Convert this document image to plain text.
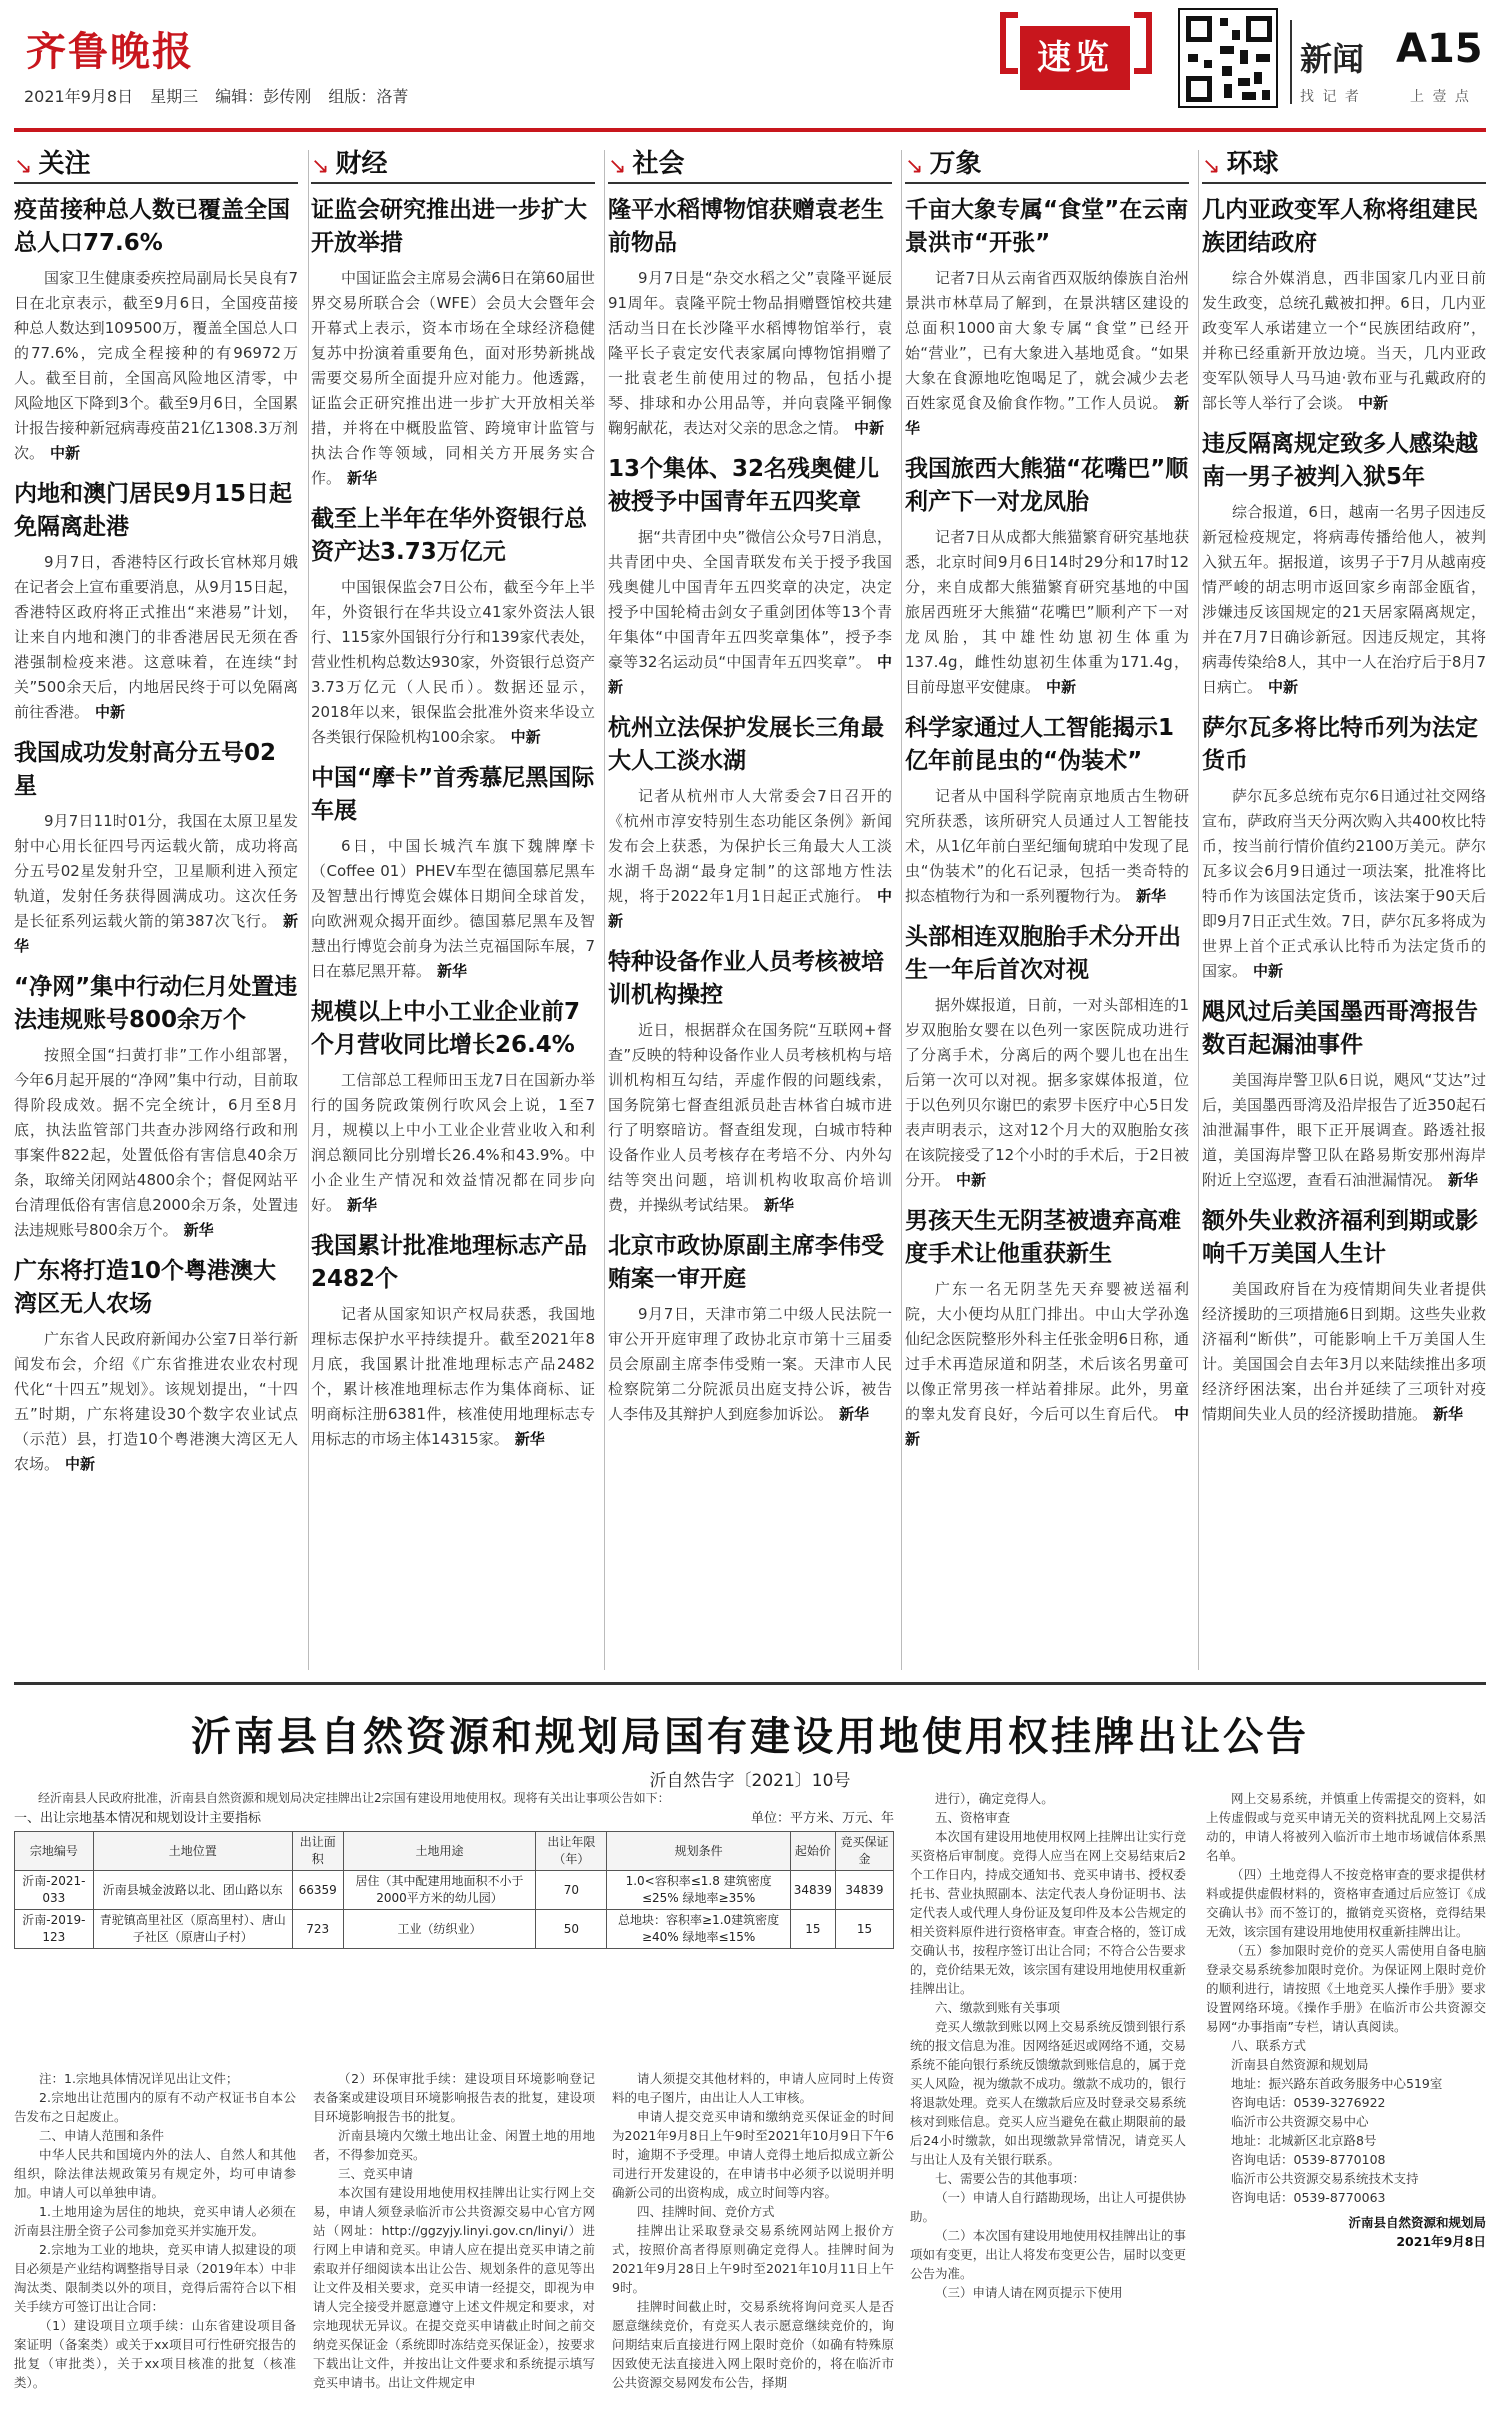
齐鲁晚报
2021年9月8日 星期三 编辑：彭传刚 组版：洛菁
速览	新闻 A15
找 记 者	上 壹 点
↘ 关注
疫苗接种总人数已覆盖全国总人口77.6%

国家卫生健康委疾控局副局长吴良有7日在北京表示，截至9月6日，全国疫苗接种总人数达到109500万，覆盖全国总人口的77.6%，完成全程接种的有96972万人。截至目前，全国高风险地区清零，中风险地区下降到3个。截至9月6日，全国累计报告接种新冠病毒疫苗21亿1308.3万剂次。 中新

内地和澳门居民9月15日起免隔离赴港

9月7日，香港特区行政长官林郑月娥在记者会上宣布重要消息，从9月15日起，香港特区政府将正式推出“来港易”计划，让来自内地和澳门的非香港居民无须在香港强制检疫来港。这意味着，在连续“封关”500余天后，内地居民终于可以免隔离前往香港。 中新

我国成功发射高分五号02星

9月7日11时01分，我国在太原卫星发射中心用长征四号丙运载火箭，成功将高分五号02星发射升空，卫星顺利进入预定轨道，发射任务获得圆满成功。这次任务是长征系列运载火箭的第387次飞行。 新华

“净网”集中行动仨月处置违法违规账号800余万个

按照全国“扫黄打非”工作小组部署，今年6月起开展的“净网”集中行动，目前取得阶段成效。据不完全统计，6月至8月底，执法监管部门共查办涉网络行政和刑事案件822起，处置低俗有害信息40余万条，取缔关闭网站4800余个；督促网站平台清理低俗有害信息2000余万条，处置违法违规账号800余万个。 新华

广东将打造10个粤港澳大湾区无人农场

广东省人民政府新闻办公室7日举行新闻发布会，介绍《广东省推进农业农村现代化“十四五”规划》。该规划提出，“十四五”时期，广东将建设30个数字农业试点（示范）县，打造10个粤港澳大湾区无人农场。 中新

↘ 财经
证监会研究推出进一步扩大开放举措

中国证监会主席易会满6日在第60届世界交易所联合会（WFE）会员大会暨年会开幕式上表示，资本市场在全球经济稳健复苏中扮演着重要角色，面对形势新挑战需要交易所全面提升应对能力。他透露，证监会正研究推出进一步扩大开放相关举措，并将在中概股监管、跨境审计监管与执法合作等领域，同相关方开展务实合作。 新华

截至上半年在华外资银行总资产达3.73万亿元

中国银保监会7日公布，截至今年上半年，外资银行在华共设立41家外资法人银行、115家外国银行分行和139家代表处，营业性机构总数达930家，外资银行总资产3.73万亿元（人民币）。数据还显示，2018年以来，银保监会批准外资来华设立各类银行保险机构100余家。 中新

中国“摩卡”首秀慕尼黑国际车展

6日，中国长城汽车旗下魏牌摩卡（Coffee 01）PHEV车型在德国慕尼黑车及智慧出行博览会媒体日期间全球首发，向欧洲观众揭开面纱。德国慕尼黑车及智慧出行博览会前身为法兰克福国际车展，7日在慕尼黑开幕。 新华

规模以上中小工业企业前7个月营收同比增长26.4%

工信部总工程师田玉龙7日在国新办举行的国务院政策例行吹风会上说，1至7月，规模以上中小工业企业营业收入和利润总额同比分别增长26.4%和43.9%。中小企业生产情况和效益情况都在同步向好。 新华

我国累计批准地理标志产品2482个

记者从国家知识产权局获悉，我国地理标志保护水平持续提升。截至2021年8月底，我国累计批准地理标志产品2482个，累计核准地理标志作为集体商标、证明商标注册6381件，核准使用地理标志专用标志的市场主体14315家。 新华

↘ 社会
隆平水稻博物馆获赠袁老生前物品

9月7日是“杂交水稻之父”袁隆平诞辰91周年。袁隆平院士物品捐赠暨馆校共建活动当日在长沙隆平水稻博物馆举行，袁隆平长子袁定安代表家属向博物馆捐赠了一批袁老生前使用过的物品，包括小提琴、排球和办公用品等，并向袁隆平铜像鞠躬献花，表达对父亲的思念之情。 中新

13个集体、32名残奥健儿被授予中国青年五四奖章

据“共青团中央”微信公众号7日消息，共青团中央、全国青联发布关于授予我国残奥健儿中国青年五四奖章的决定，决定授予中国轮椅击剑女子重剑团体等13个青年集体“中国青年五四奖章集体”，授予李豪等32名运动员“中国青年五四奖章”。 中新

杭州立法保护发展长三角最大人工淡水湖

记者从杭州市人大常委会7日召开的《杭州市淳安特别生态功能区条例》新闻发布会上获悉，为保护长三角最大人工淡水湖千岛湖“最身定制”的这部地方性法规，将于2022年1月1日起正式施行。 中新

特种设备作业人员考核被培训机构操控

近日，根据群众在国务院“互联网+督查”反映的特种设备作业人员考核机构与培训机构相互勾结，弄虚作假的问题线索，国务院第七督查组派员赴吉林省白城市进行了明察暗访。督查组发现，白城市特种设备作业人员考核存在考培不分、内外勾结等突出问题，培训机构收取高价培训费，并操纵考试结果。 新华

北京市政协原副主席李伟受贿案一审开庭

9月7日，天津市第二中级人民法院一审公开开庭审理了政协北京市第十三届委员会原副主席李伟受贿一案。天津市人民检察院第二分院派员出庭支持公诉，被告人李伟及其辩护人到庭参加诉讼。 新华

↘ 万象
千亩大象专属“食堂”在云南景洪市“开张”

记者7日从云南省西双版纳傣族自治州景洪市林草局了解到，在景洪辖区建设的总面积1000亩大象专属“食堂”已经开始“营业”，已有大象进入基地觅食。“如果大象在食源地吃饱喝足了，就会减少去老百姓家觅食及偷食作物。”工作人员说。 新华

我国旅西大熊猫“花嘴巴”顺利产下一对龙凤胎

记者7日从成都大熊猫繁育研究基地获悉，北京时间9月6日14时29分和17时12分，来自成都大熊猫繁育研究基地的中国旅居西班牙大熊猫“花嘴巴”顺利产下一对龙凤胎，其中雄性幼崽初生体重为137.4g，雌性幼崽初生体重为171.4g，目前母崽平安健康。 中新

科学家通过人工智能揭示1亿年前昆虫的“伪装术”

记者从中国科学院南京地质古生物研究所获悉，该所研究人员通过人工智能技术，从1亿年前白垩纪缅甸琥珀中发现了昆虫“伪装术”的化石记录，包括一类奇特的拟态植物行为和一系列覆物行为。 新华

头部相连双胞胎手术分开出生一年后首次对视

据外媒报道，日前，一对头部相连的1岁双胞胎女婴在以色列一家医院成功进行了分离手术，分离后的两个婴儿也在出生后第一次可以对视。据多家媒体报道，位于以色列贝尔谢巴的索罗卡医疗中心5日发表声明表示，这对12个月大的双胞胎女孩在该院接受了12个小时的手术后，于2日被分开。 中新

男孩天生无阴茎被遗弃高难度手术让他重获新生

广东一名无阴茎先天弃婴被送福利院，大小便均从肛门排出。中山大学孙逸仙纪念医院整形外科主任张金明6日称，通过手术再造尿道和阴茎，术后该名男童可以像正常男孩一样站着排尿。此外，男童的睾丸发育良好，今后可以生育后代。 中新

↘ 环球
几内亚政变军人称将组建民族团结政府

综合外媒消息，西非国家几内亚日前发生政变，总统孔戴被扣押。6日，几内亚政变军人承诺建立一个“民族团结政府”，并称已经重新开放边境。当天，几内亚政变军队领导人马马迪·敦布亚与孔戴政府的部长等人举行了会谈。 中新

违反隔离规定致多人感染越南一男子被判入狱5年

综合报道，6日，越南一名男子因违反新冠检疫规定，将病毒传播给他人，被判入狱五年。据报道，该男子于7月从越南疫情严峻的胡志明市返回家乡南部金瓯省，涉嫌违反该国规定的21天居家隔离规定，并在7月7日确诊新冠。因违反规定，其将病毒传染给8人，其中一人在治疗后于8月7日病亡。 中新

萨尔瓦多将比特币列为法定货币

萨尔瓦多总统布克尔6日通过社交网络宣布，萨政府当天分两次购入共400枚比特币，按当前行情价值约2100万美元。萨尔瓦多议会6月9日通过一项法案，批准将比特币作为该国法定货币，该法案于90天后即9月7日正式生效。7日，萨尔瓦多将成为世界上首个正式承认比特币为法定货币的国家。 中新

飓风过后美国墨西哥湾报告数百起漏油事件

美国海岸警卫队6日说，飓风“艾达”过后，美国墨西哥湾及沿岸报告了近350起石油泄漏事件，眼下正开展调查。路透社报道，美国海岸警卫队在路易斯安那州海岸附近上空巡逻，查看石油泄漏情况。 新华

额外失业救济福利到期或影响千万美国人生计

美国政府旨在为疫情期间失业者提供经济援助的三项措施6日到期。这些失业救济福利“断供”，可能影响上千万美国人生计。美国国会自去年3月以来陆续推出多项经济纾困法案，出台并延续了三项针对疫情期间失业人员的经济援助措施。 新华

沂南县自然资源和规划局国有建设用地使用权挂牌出让公告
沂自然告字〔2021〕10号
经沂南县人民政府批准，沂南县自然资源和规划局决定挂牌出让2宗国有建设用地使用权。现将有关出让事项公告如下：
一、出让宗地基本情况和规划设计主要指标	单位：平方米、万元、年
宗地编号	土地位置	出让面积	土地用途	出让年限（年）	规划条件	起始价	竞买保证金
沂南-2021-033	沂南县城金波路以北、团山路以东	66359	居住（其中配建用地面积不小于2000平方米的幼儿园）	70	1.0<容积率≤1.8 建筑密度≤25% 绿地率≥35%	34839	34839
沂南-2019-123	青驼镇高里社区（原高里村）、唐山子社区（原唐山子村）	723	工业（纺织业）	50	总地块：容积率≥1.0建筑密度≥40% 绿地率≤15%	15	15

注：1.宗地具体情况详见出让文件；

2.宗地出让范围内的原有不动产权证书自本公告发布之日起废止。

二、申请人范围和条件

中华人民共和国境内外的法人、自然人和其他组织，除法律法规政策另有规定外，均可申请参加。申请人可以单独申请。

1.土地用途为居住的地块，竞买申请人必须在沂南县注册全资子公司参加竞买并实施开发。

2.宗地为工业的地块，竞买申请人拟建设的项目必须是产业结构调整指导目录（2019年本）中非淘汰类、限制类以外的项目，竞得后需符合以下相关手续方可签订出让合同：

（1）建设项目立项手续：山东省建设项目备案证明（备案类）或关于xx项目可行性研究报告的批复（审批类），关于xx项目核准的批复（核准类）。

（2）环保审批手续：建设项目环境影响登记表备案或建设项目环境影响报告表的批复，建设项目环境影响报告书的批复。

沂南县境内欠缴土地出让金、闲置土地的用地者，不得参加竞买。

三、竞买申请

本次国有建设用地使用权挂牌出让实行网上交易，申请人须登录临沂市公共资源交易中心官方网站（网址：http://ggzyjy.linyi.gov.cn/linyi/）进行网上申请和竞买。申请人应在提出竞买申请之前索取并仔细阅读本出让公告、规划条件的意见等出让文件及相关要求，竞买申请一经提交，即视为申请人完全接受并愿意遵守上述文件规定和要求，对宗地现状无异议。在提交竞买申请截止时间之前交纳竞买保证金（系统即时冻结竞买保证金），按要求下载出让文件，并按出让文件要求和系统提示填写竞买申请书。出让文件规定申

请人须提交其他材料的，申请人应同时上传资料的电子图片，由出让人人工审核。

申请人提交竞买申请和缴纳竞买保证金的时间为2021年9月8日上午9时至2021年10月9日下午6时，逾期不予受理。申请人竞得土地后拟成立新公司进行开发建设的，在申请书中必须予以说明并明确新公司的出资构成，成立时间等内容。

四、挂牌时间、竞价方式

挂牌出让采取登录交易系统网站网上报价方式，按照价高者得原则确定竞得人。挂牌时间为2021年9月28日上午9时至2021年10月11日上午9时。

挂牌时间截止时，交易系统将询问竞买人是否愿意继续竞价，有竞买人表示愿意继续竞价的，询问期结束后直接进行网上限时竞价（如确有特殊原因致使无法直接进入网上限时竞价的，将在临沂市公共资源交易网发布公告，择期

进行），确定竞得人。

五、资格审查

本次国有建设用地使用权网上挂牌出让实行竞买资格后审制度。竞得人应当在网上交易结束后2个工作日内，持成交通知书、竞买申请书、授权委托书、营业执照副本、法定代表人身份证明书、法定代表人或代理人身份证及复印件及本公告规定的相关资料原件进行资格审查。审查合格的，签订成交确认书，按程序签订出让合同；不符合公告要求的，竞价结果无效，该宗国有建设用地使用权重新挂牌出让。

六、缴款到账有关事项

竞买人缴款到账以网上交易系统反馈到银行系统的报文信息为准。因网络延迟或网络不通，交易系统不能向银行系统反馈缴款到账信息的，属于竞买人风险，视为缴款不成功。缴款不成功的，银行将退款处理。竞买人在缴款后应及时登录交易系统核对到账信息。竞买人应当避免在截止期限前的最后24小时缴款，如出现缴款异常情况，请竞买人与出让人及有关银行联系。

七、需要公告的其他事项：

（一）申请人自行踏勘现场，出让人可提供协助。

（二）本次国有建设用地使用权挂牌出让的事项如有变更，出让人将发布变更公告，届时以变更公告为准。

（三）申请人请在网页提示下使用

网上交易系统，并慎重上传需提交的资料，如上传虚假或与竞买申请无关的资料扰乱网上交易活动的，申请人将被列入临沂市土地市场诚信体系黑名单。

（四）土地竞得人不按竞格审查的要求提供材料或提供虚假材料的，资格审查通过后应签订《成交确认书》而不签订的，撤销竞买资格，竞得结果无效，该宗国有建设用地使用权重新挂牌出让。

（五）参加限时竞价的竞买人需使用自备电脑登录交易系统参加限时竞价。为保证网上限时竞价的顺利进行，请按照《土地竞买人操作手册》要求设置网络环境。《操作手册》在临沂市公共资源交易网“办事指南”专栏，请认真阅读。

八、联系方式

沂南县自然资源和规划局

地址：振兴路东首政务服务中心519室

咨询电话：0539-3276922

临沂市公共资源交易中心

地址：北城新区北京路8号

咨询电话：0539-8770108

临沂市公共资源交易系统技术支持

咨询电话：0539-8770063

沂南县自然资源和规划局

2021年9月8日
